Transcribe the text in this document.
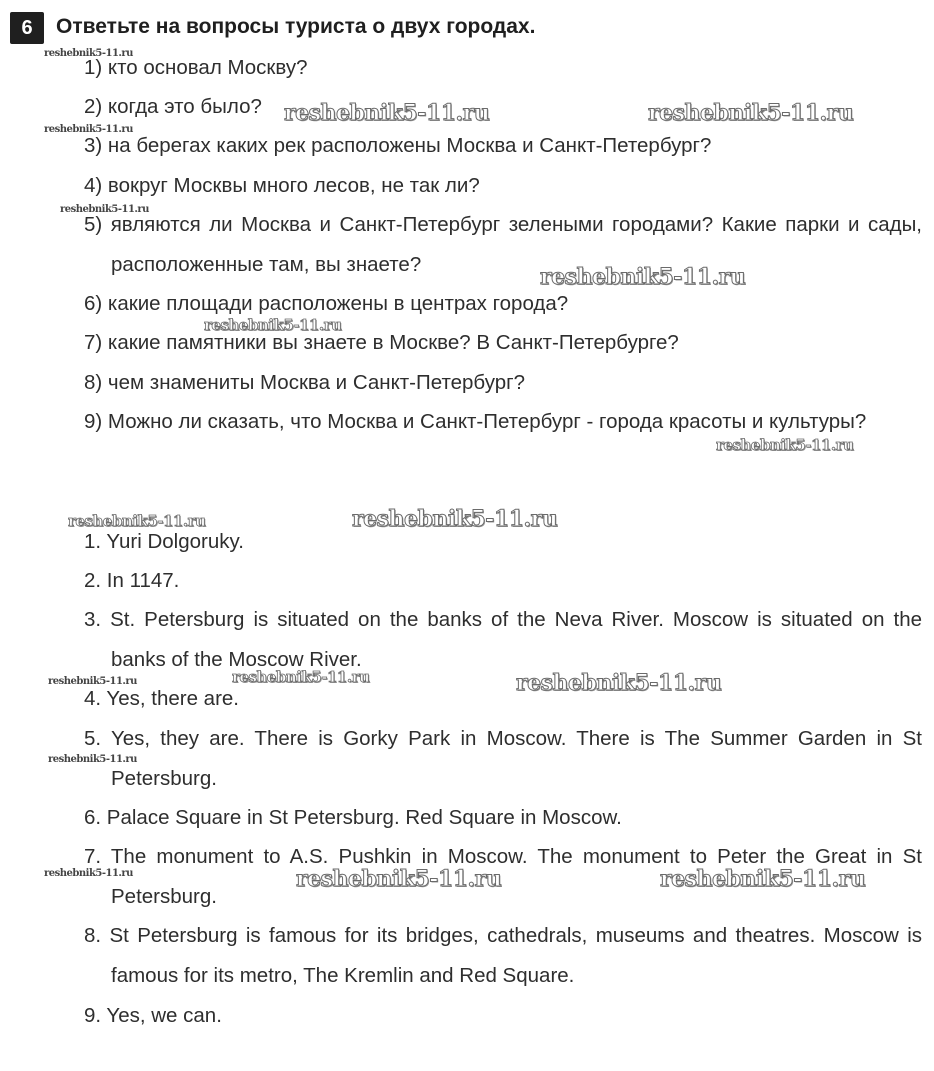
6	Ответьте на вопросы туриста о двух городах.
1) кто основал Москву?
2) когда это было?
3) на берегах каких рек расположены Москва и Санкт-Петербург?
4) вокруг Москвы много лесов, не так ли?
5) являются ли Москва и Санкт-Петербург зелеными городами? Какие парки и сады, расположенные там, вы знаете?
6) какие площади расположены в центрах города?
7) какие памятники вы знаете в Москве? В Санкт-Петербурге?
8) чем знамениты Москва и Санкт-Петербург?
9) Можно ли сказать, что Москва и Санкт-Петербург - города красоты и культуры?
1. Yuri Dolgoruky.
2. In 1147.
3. St. Petersburg is situated on the banks of the Neva River. Moscow is situated on the banks of the Moscow River.
4. Yes, there are.
5. Yes, they are. There is Gorky Park in Moscow. There is The Summer Garden in St Petersburg.
6. Palace Square in St Petersburg. Red Square in Moscow.
7. The monument to A.S. Pushkin in Moscow. The monument to Peter the Great in St Petersburg.
8. St Petersburg is famous for its bridges, cathedrals, museums and theatres. Moscow is famous for its metro, The Kremlin and Red Square.
9. Yes, we can.
reshebnik5-11.ru
reshebnik5-11.ru	reshebnik5-11.ru
reshebnik5-11.ru
reshebnik5-11.ru
reshebnik5-11.ru
reshebnik5-11.ru
reshebnik5-11.ru
reshebnik5-11.ru	reshebnik5-11.ru
reshebnik5-11.ru
reshebnik5-11.ru	reshebnik5-11.ru
reshebnik5-11.ru
reshebnik5-11.ru	reshebnik5-11.ru	reshebnik5-11.ru
